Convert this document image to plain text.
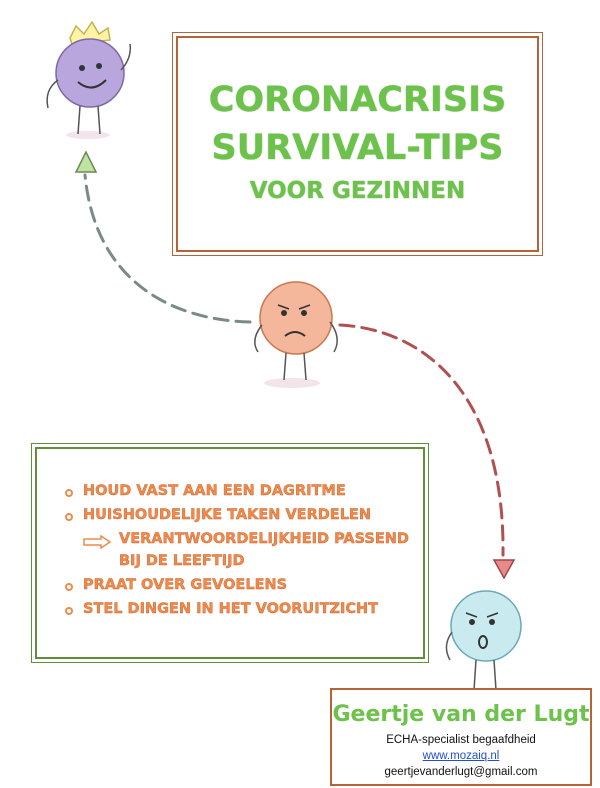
CORONACRISIS
SURVIVAL-TIPS
VOOR GEZINNEN
HOUD VAST AAN EEN DAGRITME
HUISHOUDELIJKE TAKEN VERDELEN
VERANTWOORDELIJKHEID PASSEND
BIJ DE LEEFTIJD
PRAAT OVER GEVOELENS
STEL DINGEN IN HET VOORUITZICHT
Geertje van der Lugt
ECHA-specialist begaafdheid
www.mozaiq.nl
geertjevanderlugt@gmail.com
